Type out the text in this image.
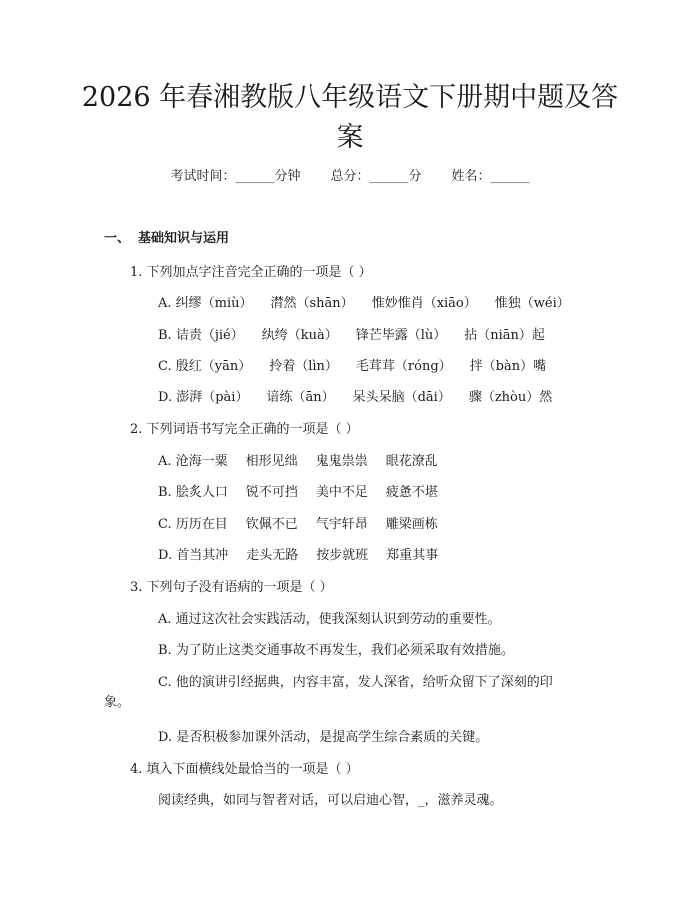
2026 年春湘教版八年级语文下册期中题及答
案
考试时间：______分钟 总分：______分 姓名：______
一、 基础知识与运用
1. 下列加点字注音完全正确的一项是（ ）
A. 纠缪（miù） 潸然（shān） 惟妙惟肖（xiāo） 惟独（wéi）
B. 诘责（jié） 纨绔（kuà） 锋芒毕露（lù） 拈（niān）起
C. 殷红（yān） 拎着（lìn） 毛茸茸（róng） 拌（bàn）嘴
D. 澎湃（pài） 谙练（ān） 呆头呆脑（dāi） 骤（zhòu）然
2. 下列词语书写完全正确的一项是（ ）
A. 沧海一粟 相形见绌 鬼鬼祟祟 眼花潦乱
B. 脍炙人口 锐不可挡 美中不足 疲惫不堪
C. 历历在目 钦佩不已 气宇轩昂 雕梁画栋
D. 首当其冲 走头无路 按步就班 郑重其事
3. 下列句子没有语病的一项是（ ）
A. 通过这次社会实践活动，使我深刻认识到劳动的重要性。
B. 为了防止这类交通事故不再发生，我们必须采取有效措施。
C. 他的演讲引经据典，内容丰富，发人深省，给听众留下了深刻的印
象。
D. 是否积极参加课外活动，是提高学生综合素质的关键。
4. 填入下面横线处最恰当的一项是（ ）
阅读经典，如同与智者对话，可以启迪心智，_，滋养灵魂。
